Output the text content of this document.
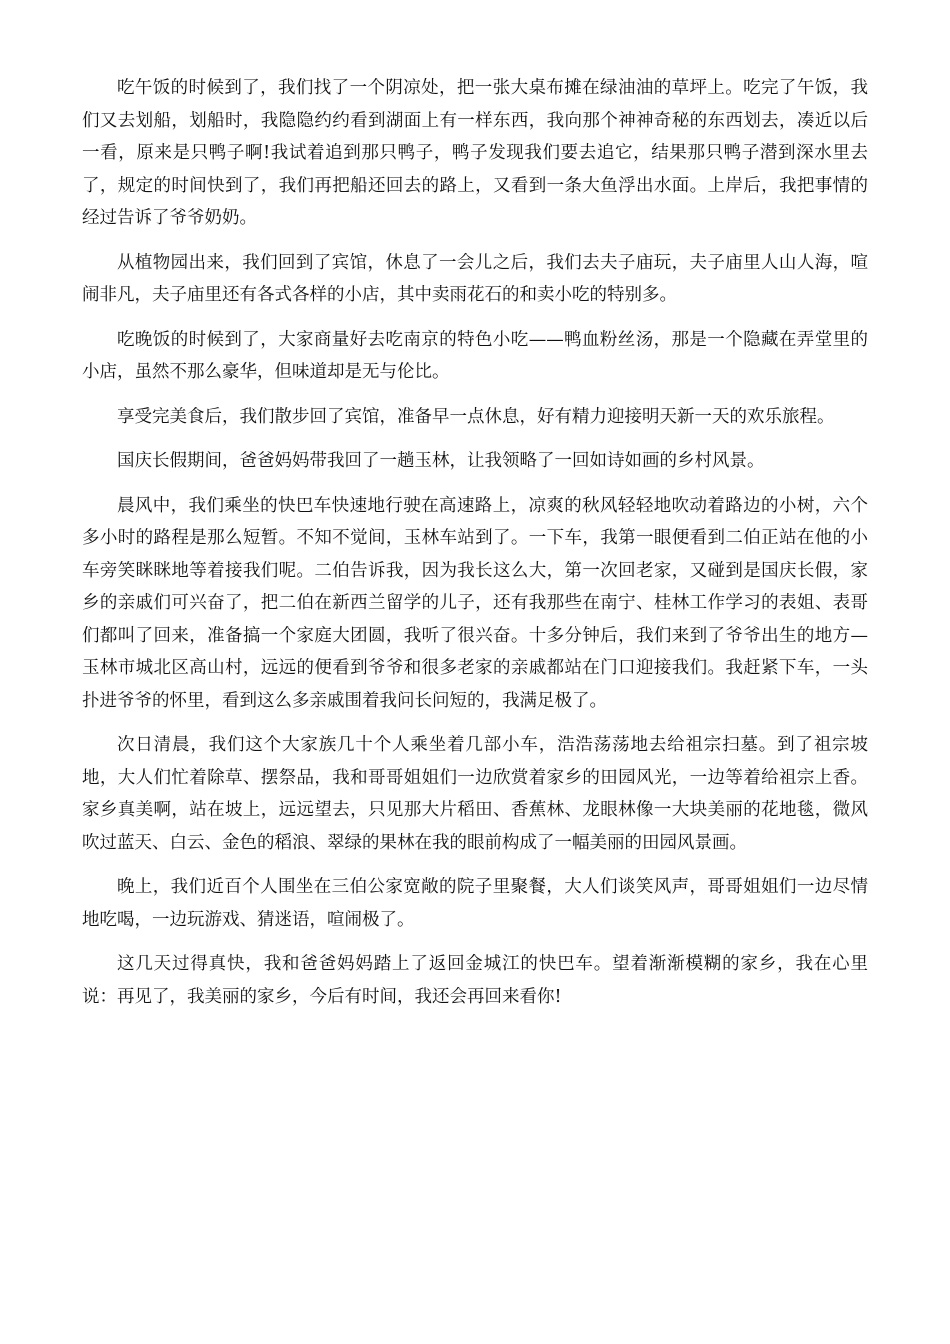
吃午饭的时候到了，我们找了一个阴凉处，把一张大桌布摊在绿油油的草坪上。吃完了午饭，我们又去划船，划船时，我隐隐约约看到湖面上有一样东西，我向那个神神奇秘的东西划去，凑近以后一看，原来是只鸭子啊!我试着追到那只鸭子，鸭子发现我们要去追它，结果那只鸭子潜到深水里去了，规定的时间快到了，我们再把船还回去的路上，又看到一条大鱼浮出水面。上岸后，我把事情的经过告诉了爷爷奶奶。

从植物园出来，我们回到了宾馆，休息了一会儿之后，我们去夫子庙玩，夫子庙里人山人海，喧闹非凡，夫子庙里还有各式各样的小店，其中卖雨花石的和卖小吃的特别多。

吃晚饭的时候到了，大家商量好去吃南京的特色小吃——鸭血粉丝汤，那是一个隐藏在弄堂里的小店，虽然不那么豪华，但味道却是无与伦比。

享受完美食后，我们散步回了宾馆，准备早一点休息，好有精力迎接明天新一天的欢乐旅程。

国庆长假期间，爸爸妈妈带我回了一趟玉林，让我领略了一回如诗如画的乡村风景。

晨风中，我们乘坐的快巴车快速地行驶在高速路上，凉爽的秋风轻轻地吹动着路边的小树，六个多小时的路程是那么短暂。不知不觉间，玉林车站到了。一下车，我第一眼便看到二伯正站在他的小车旁笑眯眯地等着接我们呢。二伯告诉我，因为我长这么大，第一次回老家，又碰到是国庆长假，家乡的亲戚们可兴奋了，把二伯在新西兰留学的儿子，还有我那些在南宁、桂林工作学习的表姐、表哥们都叫了回来，准备搞一个家庭大团圆，我听了很兴奋。十多分钟后，我们来到了爷爷出生的地方—玉林市城北区高山村，远远的便看到爷爷和很多老家的亲戚都站在门口迎接我们。我赶紧下车，一头扑进爷爷的怀里，看到这么多亲戚围着我问长问短的，我满足极了。

次日清晨，我们这个大家族几十个人乘坐着几部小车，浩浩荡荡地去给祖宗扫墓。到了祖宗坡地，大人们忙着除草、摆祭品，我和哥哥姐姐们一边欣赏着家乡的田园风光，一边等着给祖宗上香。家乡真美啊，站在坡上，远远望去，只见那大片稻田、香蕉林、龙眼林像一大块美丽的花地毯，微风吹过蓝天、白云、金色的稻浪、翠绿的果林在我的眼前构成了一幅美丽的田园风景画。

晚上，我们近百个人围坐在三伯公家宽敞的院子里聚餐，大人们谈笑风声，哥哥姐姐们一边尽情地吃喝，一边玩游戏、猜迷语，喧闹极了。

这几天过得真快，我和爸爸妈妈踏上了返回金城江的快巴车。望着渐渐模糊的家乡，我在心里说：再见了，我美丽的家乡，今后有时间，我还会再回来看你!
